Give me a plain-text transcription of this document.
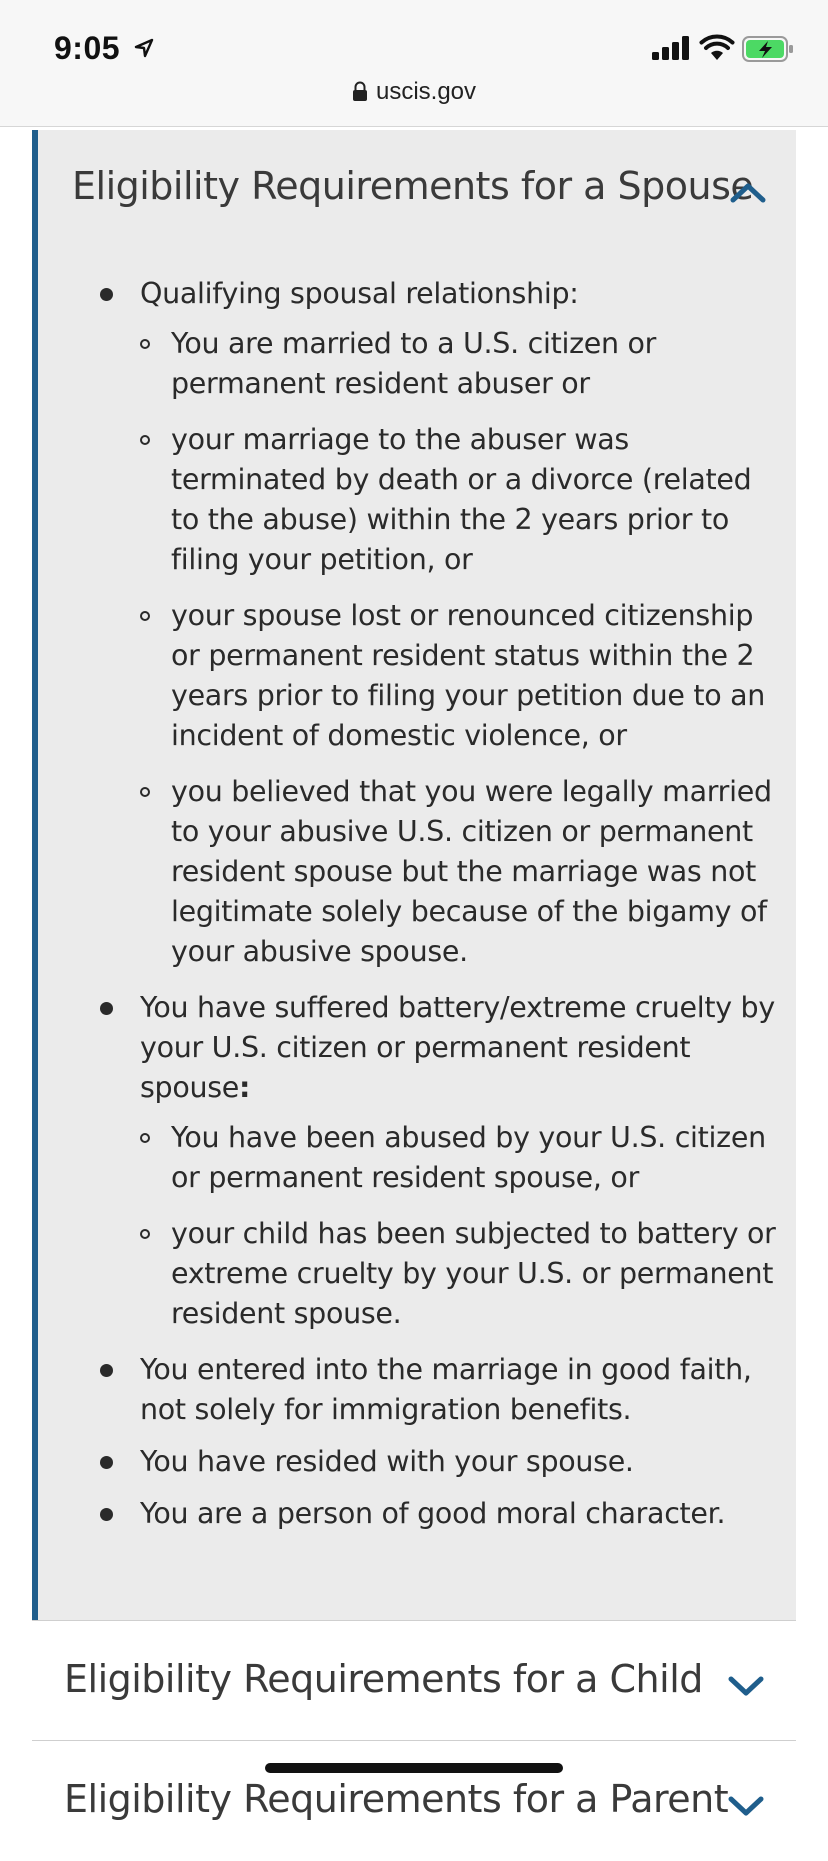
9:05
uscis.gov
Eligibility Requirements for a Spouse
Qualifying spousal relationship:
You are married to a U.S. citizen or permanent resident abuser or
your marriage to the abuser was terminated by death or a divorce (related to the abuse) within the 2 years prior to filing your petition, or
your spouse lost or renounced citizenship or permanent resident status within the 2 years prior to filing your petition due to an incident of domestic violence, or
you believed that you were legally married to your abusive U.S. citizen or permanent resident spouse but the marriage was not legitimate solely because of the bigamy of your abusive spouse.
You have suffered battery/extreme cruelty by your U.S. citizen or permanent resident spouse:
You have been abused by your U.S. citizen or permanent resident spouse, or
your child has been subjected to battery or extreme cruelty by your U.S. or permanent resident spouse.
You entered into the marriage in good faith, not solely for immigration benefits.
You have resided with your spouse.
You are a person of good moral character.
Eligibility Requirements for a Child
Eligibility Requirements for a Parent
